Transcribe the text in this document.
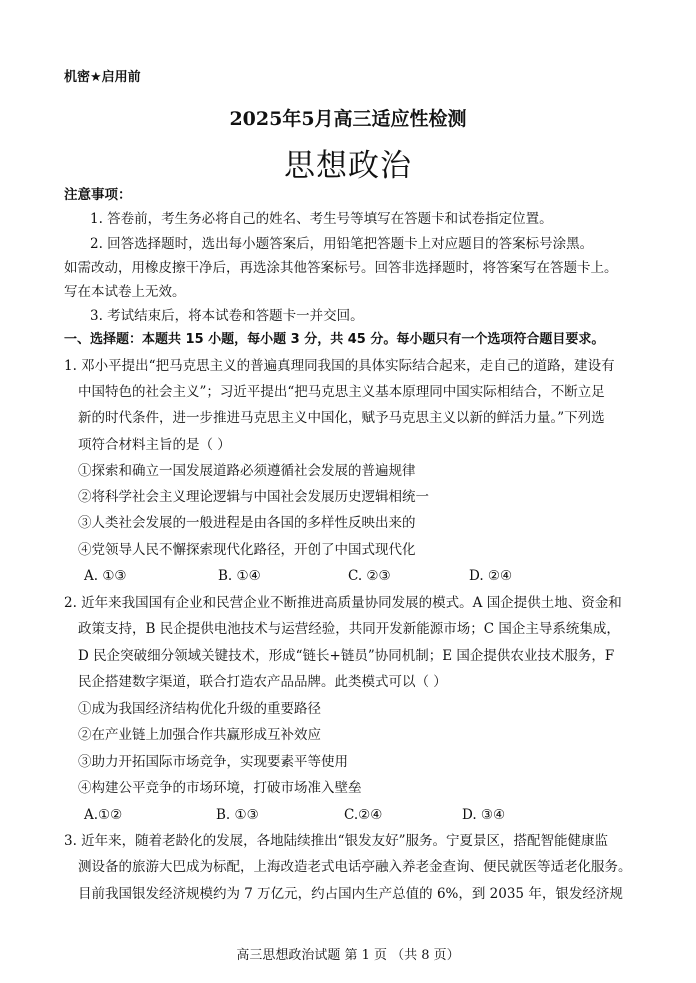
机密★启用前
2025年5月高三适应性检测
思想政治
注意事项：
1. 答卷前，考生务必将自己的姓名、考生号等填写在答题卡和试卷指定位置。
2. 回答选择题时，选出每小题答案后，用铅笔把答题卡上对应题目的答案标号涂黑。
如需改动，用橡皮擦干净后，再选涂其他答案标号。回答非选择题时，将答案写在答题卡上。
写在本试卷上无效。
3. 考试结束后，将本试卷和答题卡一并交回。
一、选择题：本题共 15 小题，每小题 3 分，共 45 分。每小题只有一个选项符合题目要求。
1. 邓小平提出“把马克思主义的普遍真理同我国的具体实际结合起来，走自己的道路，建设有
中国特色的社会主义”；习近平提出“把马克思主义基本原理同中国实际相结合，不断立足
新的时代条件，进一步推进马克思主义中国化，赋予马克思主义以新的鲜活力量。”下列选
项符合材料主旨的是（ ）
①探索和确立一国发展道路必须遵循社会发展的普遍规律
②将科学社会主义理论逻辑与中国社会发展历史逻辑相统一
③人类社会发展的一般进程是由各国的多样性反映出来的
④党领导人民不懈探索现代化路径，开创了中国式现代化
A. ①③	B. ①④	C. ②③	D. ②④
2. 近年来我国国有企业和民营企业不断推进高质量协同发展的模式。A 国企提供土地、资金和
政策支持，B 民企提供电池技术与运营经验，共同开发新能源市场；C 国企主导系统集成，
D 民企突破细分领域关键技术，形成“链长+链员”协同机制；E 国企提供农业技术服务，F
民企搭建数字渠道，联合打造农产品品牌。此类模式可以（ ）
①成为我国经济结构优化升级的重要路径
②在产业链上加强合作共赢形成互补效应
③助力开拓国际市场竞争，实现要素平等使用
④构建公平竞争的市场环境，打破市场准入壁垒
A.①②	B. ①③	C.②④	D. ③④
3. 近年来，随着老龄化的发展，各地陆续推出“银发友好”服务。宁夏景区，搭配智能健康监
测设备的旅游大巴成为标配，上海改造老式电话亭融入养老金查询、便民就医等适老化服务。
目前我国银发经济规模约为 7 万亿元，约占国内生产总值的 6%，到 2035 年，银发经济规
高三思想政治试题 第 1 页 （共 8 页）
